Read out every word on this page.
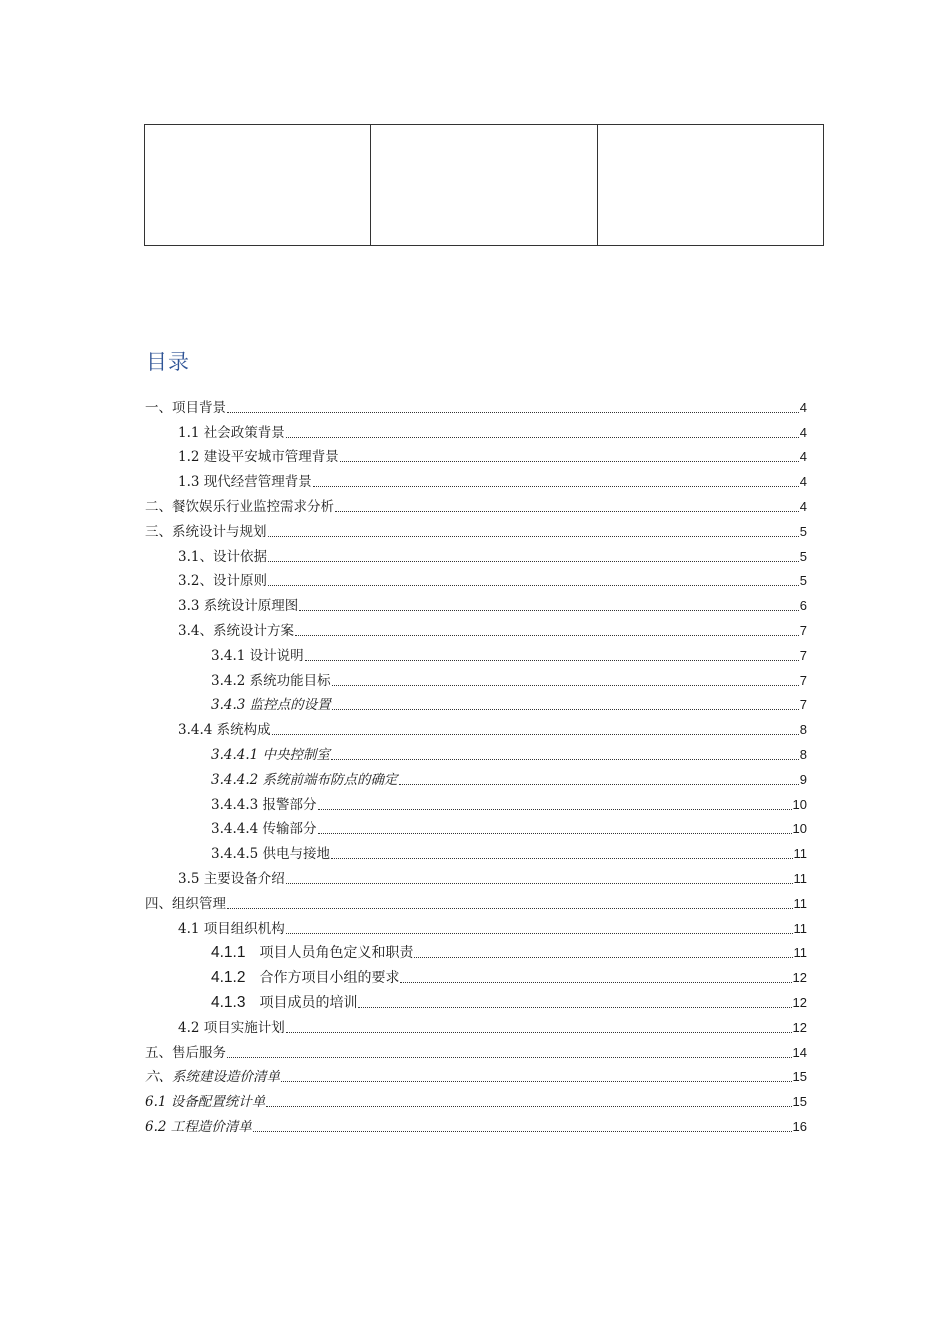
目录
一、项目背景	4
1.1 社会政策背景	4
1.2 建设平安城市管理背景	4
1.3 现代经营管理背景	4
二、餐饮娱乐行业监控需求分析	4
三、系统设计与规划	5
3.1、设计依据	5
3.2、设计原则	5
3.3 系统设计原理图	6
3.4、系统设计方案	7
3.4.1 设计说明	7
3.4.2 系统功能目标	7
3.4.3 监控点的设置	7
3.4.4 系统构成	8
3.4.4.1 中央控制室	8
3.4.4.2 系统前端布防点的确定	9
3.4.4.3 报警部分	10
3.4.4.4 传输部分	10
3.4.4.5 供电与接地	11
3.5 主要设备介绍	11
四、组织管理	11
4.1 项目组织机构	11
4.1.1 项目人员角色定义和职责	11
4.1.2 合作方项目小组的要求	12
4.1.3 项目成员的培训	12
4.2 项目实施计划	12
五、售后服务	14
六、系统建设造价清单	15
6.1 设备配置统计单	15
6.2 工程造价清单	16
